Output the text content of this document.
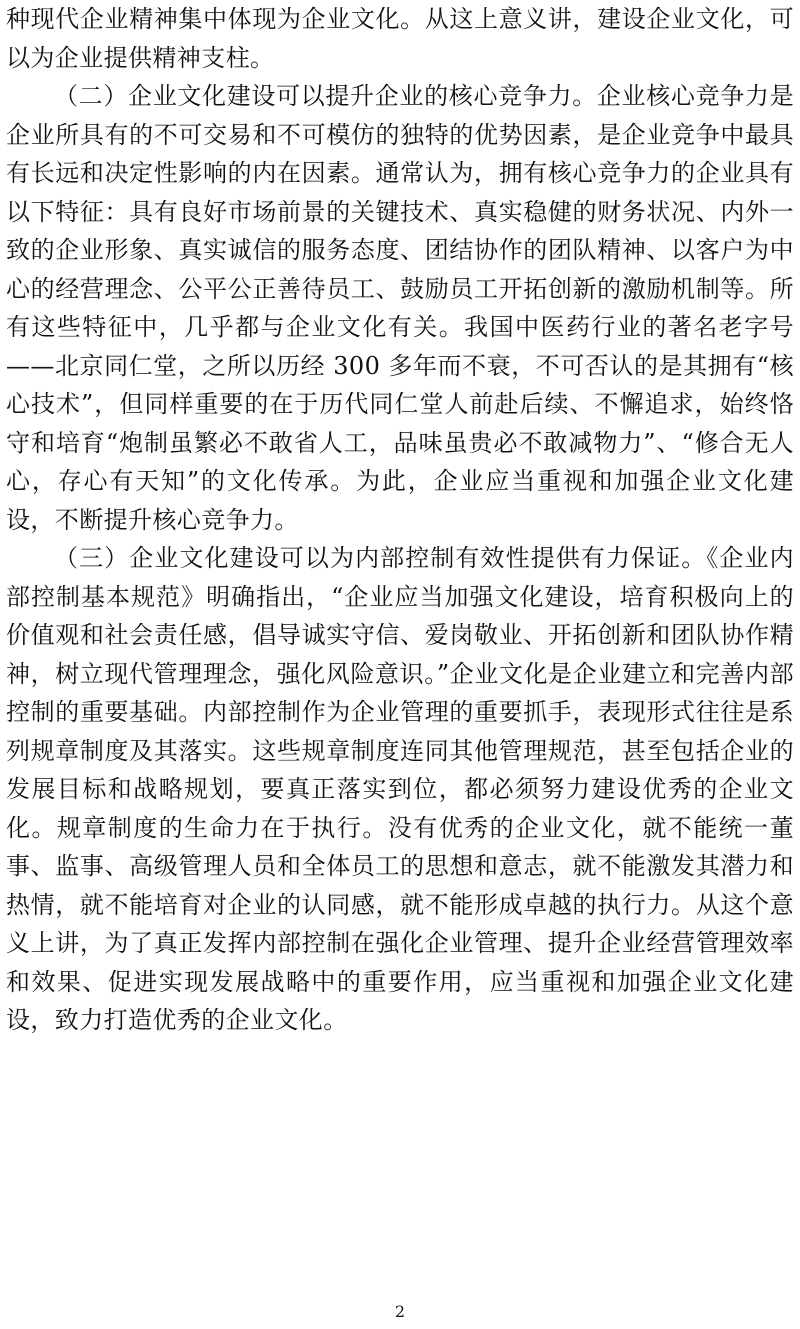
种现代企业精神集中体现为企业文化。从这上意义讲，建设企业文化，可以为企业提供精神支柱。

（二）企业文化建设可以提升企业的核心竞争力。企业核心竞争力是企业所具有的不可交易和不可模仿的独特的优势因素，是企业竞争中最具有长远和决定性影响的内在因素。通常认为，拥有核心竞争力的企业具有以下特征：具有良好市场前景的关键技术、真实稳健的财务状况、内外一致的企业形象、真实诚信的服务态度、团结协作的团队精神、以客户为中心的经营理念、公平公正善待员工、鼓励员工开拓创新的激励机制等。所有这些特征中，几乎都与企业文化有关。我国中医药行业的著名老字号——北京同仁堂，之所以历经 300 多年而不衰，不可否认的是其拥有“核心技术”，但同样重要的在于历代同仁堂人前赴后续、不懈追求，始终恪守和培育“炮制虽繁必不敢省人工，品味虽贵必不敢减物力”、“修合无人心，存心有天知”的文化传承。为此，企业应当重视和加强企业文化建设，不断提升核心竞争力。

（三）企业文化建设可以为内部控制有效性提供有力保证。《企业内部控制基本规范》明确指出，“企业应当加强文化建设，培育积极向上的价值观和社会责任感，倡导诚实守信、爱岗敬业、开拓创新和团队协作精神，树立现代管理理念，强化风险意识。”企业文化是企业建立和完善内部控制的重要基础。内部控制作为企业管理的重要抓手，表现形式往往是系列规章制度及其落实。这些规章制度连同其他管理规范，甚至包括企业的发展目标和战略规划，要真正落实到位，都必须努力建设优秀的企业文化。规章制度的生命力在于执行。没有优秀的企业文化，就不能统一董事、监事、高级管理人员和全体员工的思想和意志，就不能激发其潜力和热情，就不能培育对企业的认同感，就不能形成卓越的执行力。从这个意义上讲，为了真正发挥内部控制在强化企业管理、提升企业经营管理效率和效果、促进实现发展战略中的重要作用，应当重视和加强企业文化建设，致力打造优秀的企业文化。

2
